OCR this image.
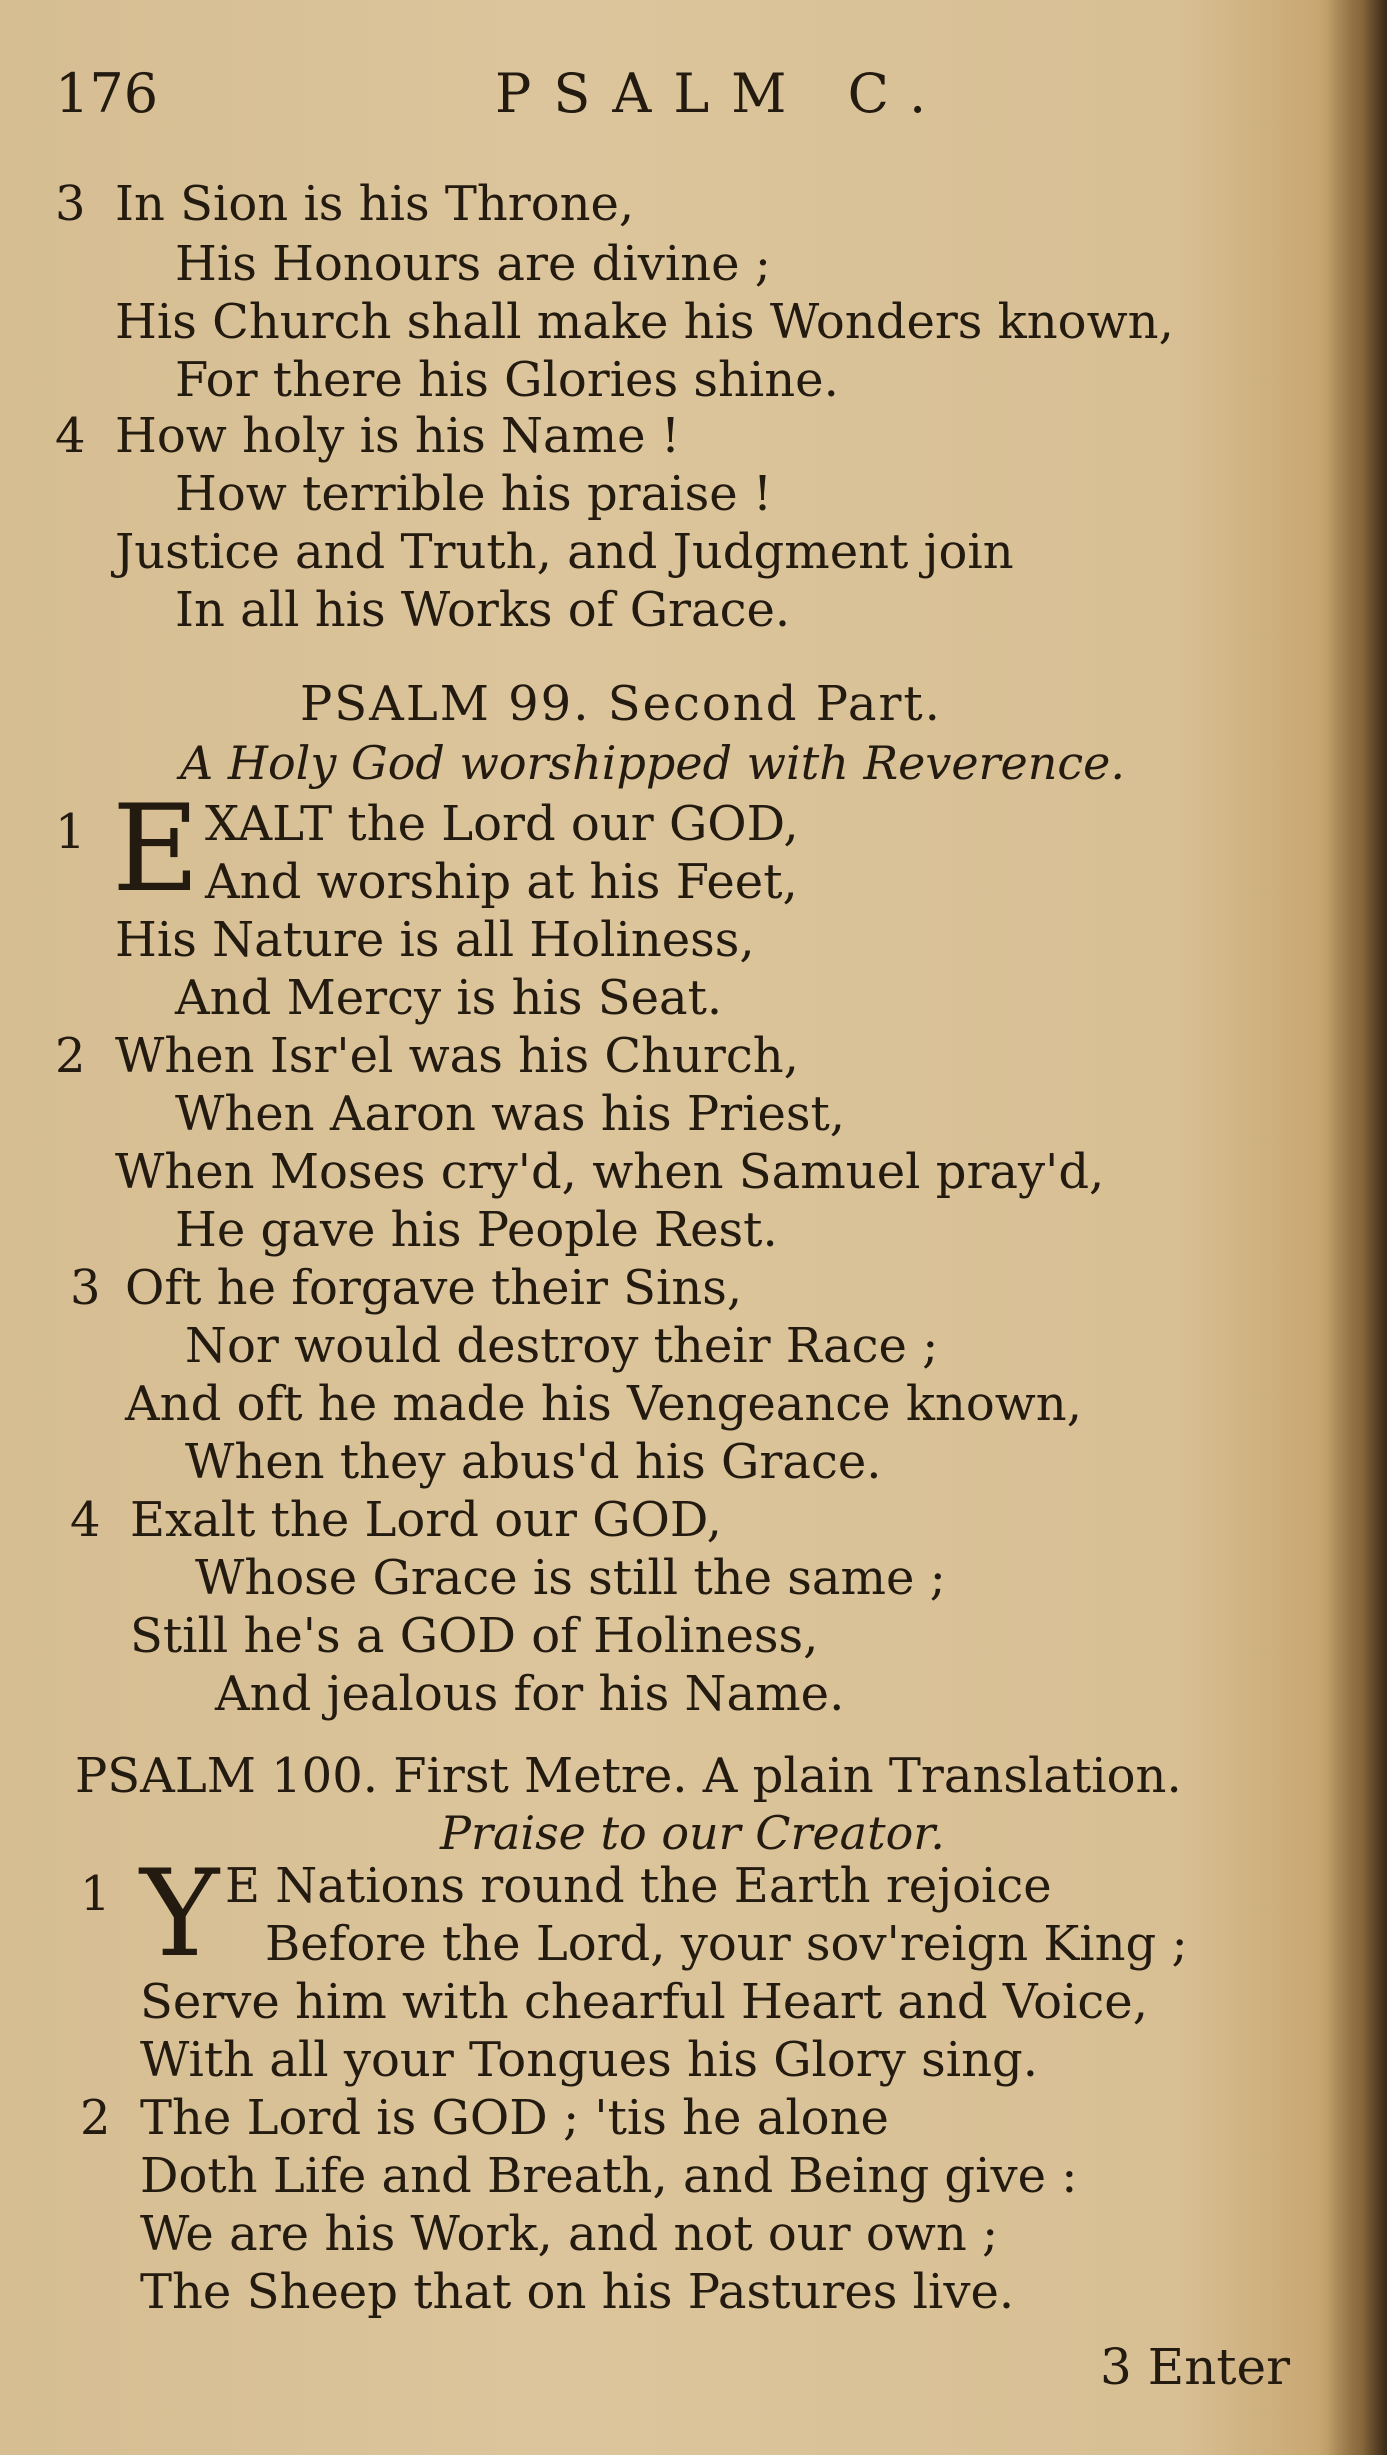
176	PSALM C.
3 In Sion is his Throne,
His Honours are divine ;
His Church shall make his Wonders known,
For there his Glories shine.
4 How holy is his Name !
How terrible his praise !
Justice and Truth, and Judgment join
In all his Works of Grace.
PSALM 99. Second Part.
A Holy God worshipped with Reverence.
1 E XALT the Lord our GOD,
And worship at his Feet,
His Nature is all Holiness,
And Mercy is his Seat.
2 When Isr'el was his Church,
When Aaron was his Priest,
When Moses cry'd, when Samuel pray'd,
He gave his People Rest.
3 Oft he forgave their Sins,
Nor would destroy their Race ;
And oft he made his Vengeance known,
When they abus'd his Grace.
4 Exalt the Lord our GOD,
Whose Grace is still the same ;
Still he's a GOD of Holiness,
And jealous for his Name.
PSALM 100. First Metre. A plain Translation.
Praise to our Creator.
1 Y E Nations round the Earth rejoice
Before the Lord, your sov'reign King ;
Serve him with chearful Heart and Voice,
With all your Tongues his Glory sing.
2 The Lord is GOD ; 'tis he alone
Doth Life and Breath, and Being give :
We are his Work, and not our own ;
The Sheep that on his Pastures live.
3 Enter
